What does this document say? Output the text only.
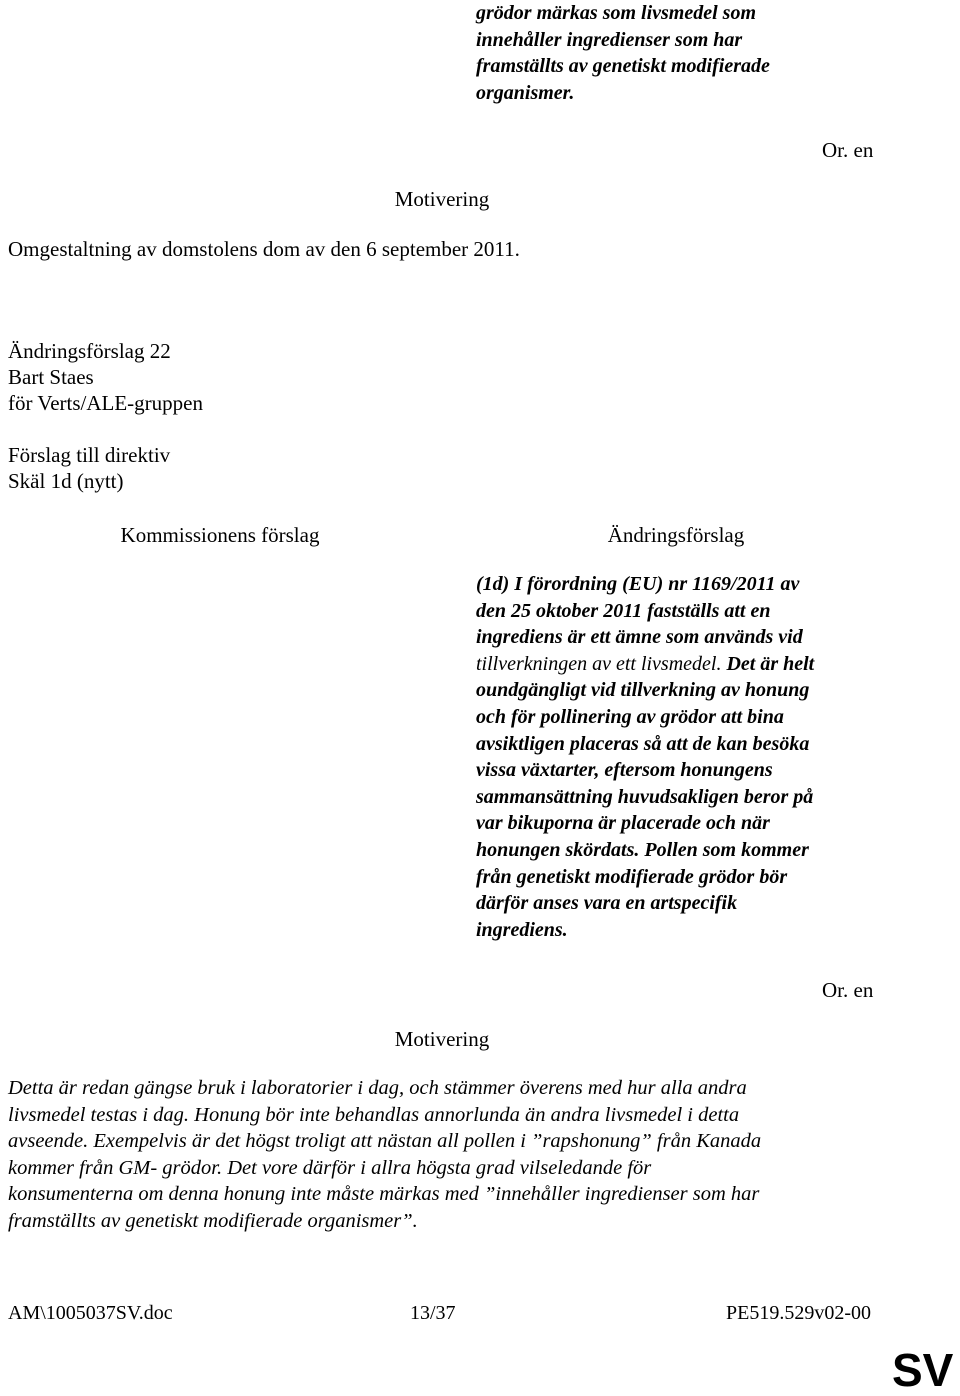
grödor märkas som livsmedel som
innehåller ingredienser som har
framställts av genetiskt modifierade
organismer.
Or. en
Motivering
Omgestaltning av domstolens dom av den 6 september 2011.
Ändringsförslag 22
Bart Staes
för Verts/ALE-gruppen
Förslag till direktiv
Skäl 1d (nytt)
Kommissionens förslag	Ändringsförslag
(1d) I förordning (EU) nr 1169/2011 av
den 25 oktober 2011 fastställs att en
ingrediens är ett ämne som används vid
tillverkningen av ett livsmedel. Det är helt
oundgängligt vid tillverkning av honung
och för pollinering av grödor att bina
avsiktligen placeras så att de kan besöka
vissa växtarter, eftersom honungens
sammansättning huvudsakligen beror på
var bikuporna är placerade och när
honungen skördats. Pollen som kommer
från genetiskt modifierade grödor bör
därför anses vara en artspecifik
ingrediens.
Or. en
Motivering
Detta är redan gängse bruk i laboratorier i dag, och stämmer överens med hur alla andra
livsmedel testas i dag. Honung bör inte behandlas annorlunda än andra livsmedel i detta
avseende. Exempelvis är det högst troligt att nästan all pollen i ”rapshonung” från Kanada
kommer från GM- grödor. Det vore därför i allra högsta grad vilseledande för
konsumenterna om denna honung inte måste märkas med ”innehåller ingredienser som har
framställts av genetiskt modifierade organismer”.
AM\1005037SV.doc	13/37	PE519.529v02-00
SV
